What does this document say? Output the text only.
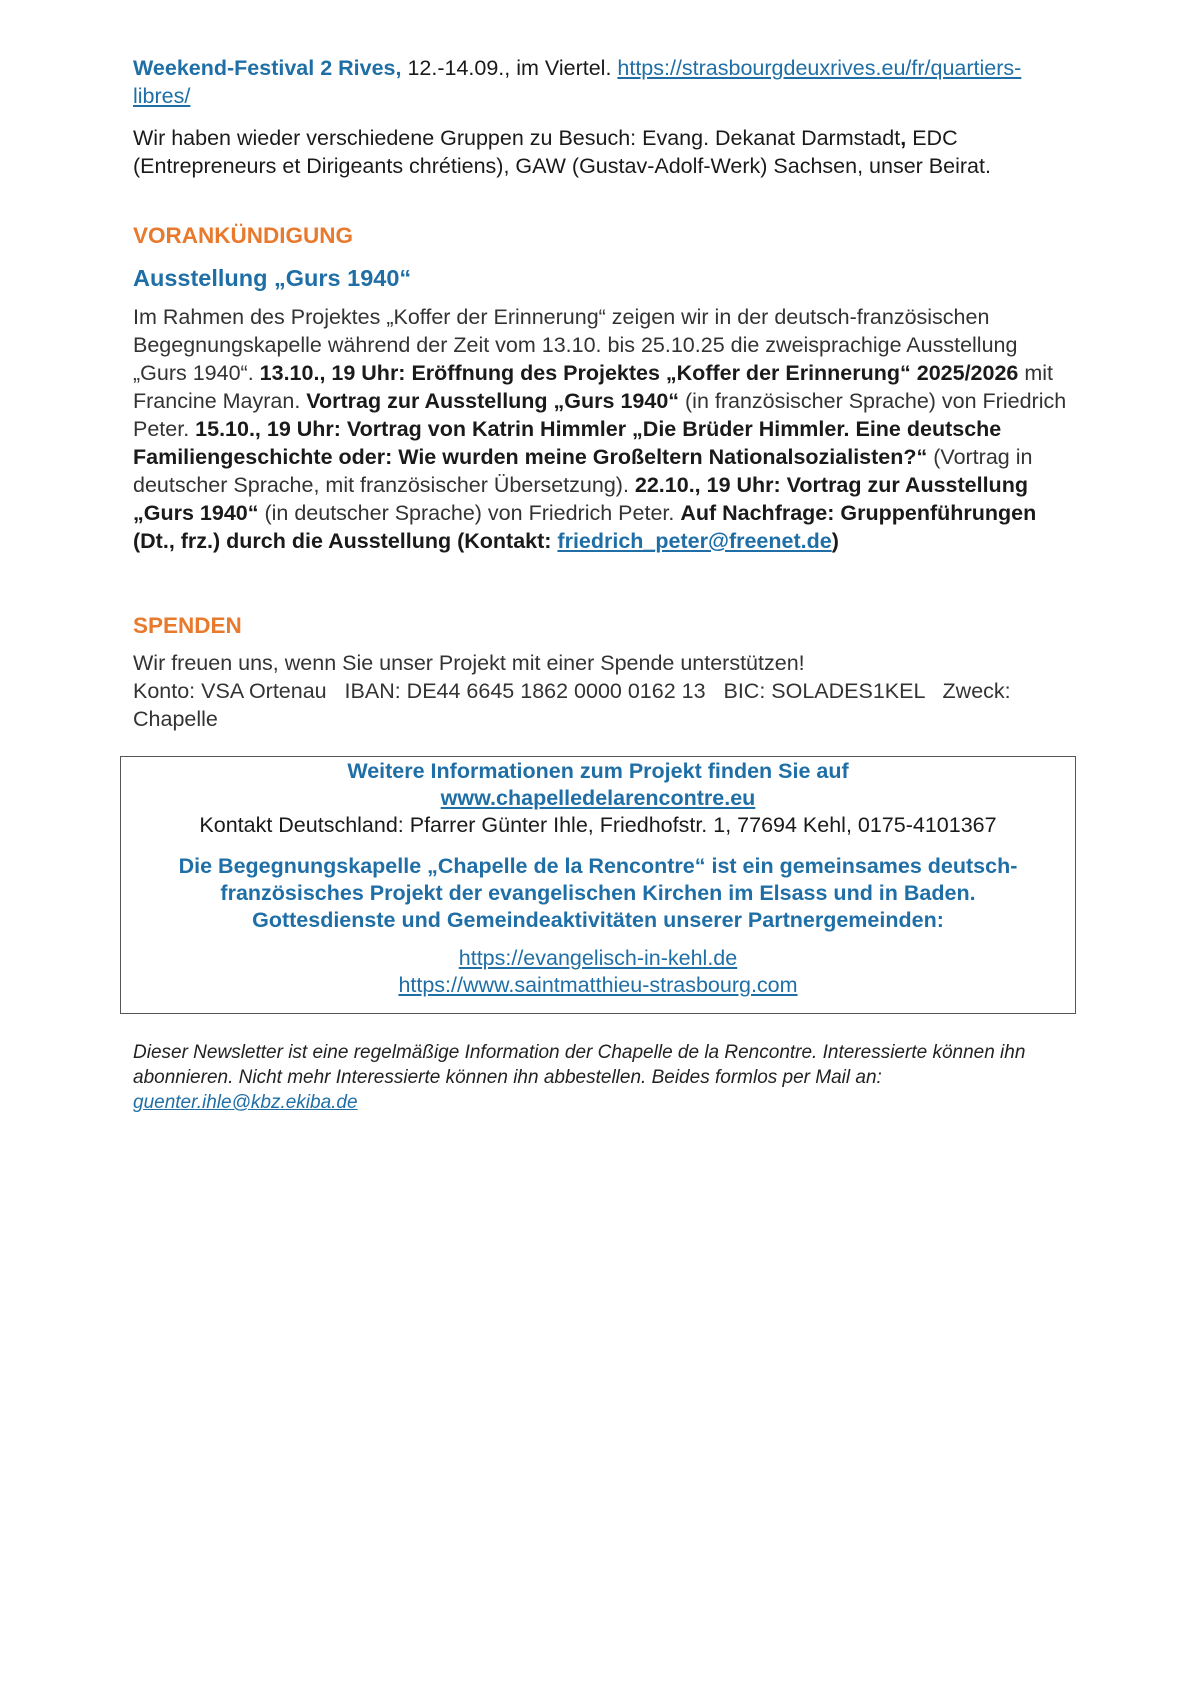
Weekend-Festival 2 Rives, 12.-14.09., im Viertel. https://strasbourgdeuxrives.eu/fr/quartiers-libres/

Wir haben wieder verschiedene Gruppen zu Besuch: Evang. Dekanat Darmstadt, EDC (Entrepreneurs et Dirigeants chrétiens), GAW (Gustav-Adolf-Werk) Sachsen, unser Beirat.

VORANKÜNDIGUNG

Ausstellung „Gurs 1940“

Im Rahmen des Projektes „Koffer der Erinnerung“ zeigen wir in der deutsch-französischen Begegnungskapelle während der Zeit vom 13.10. bis 25.10.25 die zweisprachige Ausstellung „Gurs 1940“. 13.10., 19 Uhr: Eröffnung des Projektes „Koffer der Erinnerung“ 2025/2026 mit Francine Mayran. Vortrag zur Ausstellung „Gurs 1940“ (in französischer Sprache) von Friedrich Peter. 15.10., 19 Uhr: Vortrag von Katrin Himmler „Die Brüder Himmler. Eine deutsche Familiengeschichte oder: Wie wurden meine Großeltern Nationalsozialisten?“ (Vortrag in deutscher Sprache, mit französischer Übersetzung). 22.10., 19 Uhr: Vortrag zur Ausstellung „Gurs 1940“ (in deutscher Sprache) von Friedrich Peter. Auf Nachfrage: Gruppenführungen (Dt., frz.) durch die Ausstellung (Kontakt: friedrich_peter@freenet.de)

SPENDEN

Wir freuen uns, wenn Sie unser Projekt mit einer Spende unterstützen!

Konto: VSA Ortenau   IBAN: DE44 6645 1862 0000 0162 13   BIC: SOLADES1KEL   Zweck: Chapelle

Weitere Informationen zum Projekt finden Sie auf

www.chapelledelarencontre.eu

Kontakt Deutschland: Pfarrer Günter Ihle, Friedhofstr. 1, 77694 Kehl, 0175-4101367

Die Begegnungskapelle „Chapelle de la Rencontre“ ist ein gemeinsames deutsch-

französisches Projekt der evangelischen Kirchen im Elsass und in Baden.

Gottesdienste und Gemeindeaktivitäten unserer Partnergemeinden:

https://evangelisch-in-kehl.de

https://www.saintmatthieu-strasbourg.com

Dieser Newsletter ist eine regelmäßige Information der Chapelle de la Rencontre. Interessierte können ihn abonnieren. Nicht mehr Interessierte können ihn abbestellen. Beides formlos per Mail an: guenter.ihle@kbz.ekiba.de
